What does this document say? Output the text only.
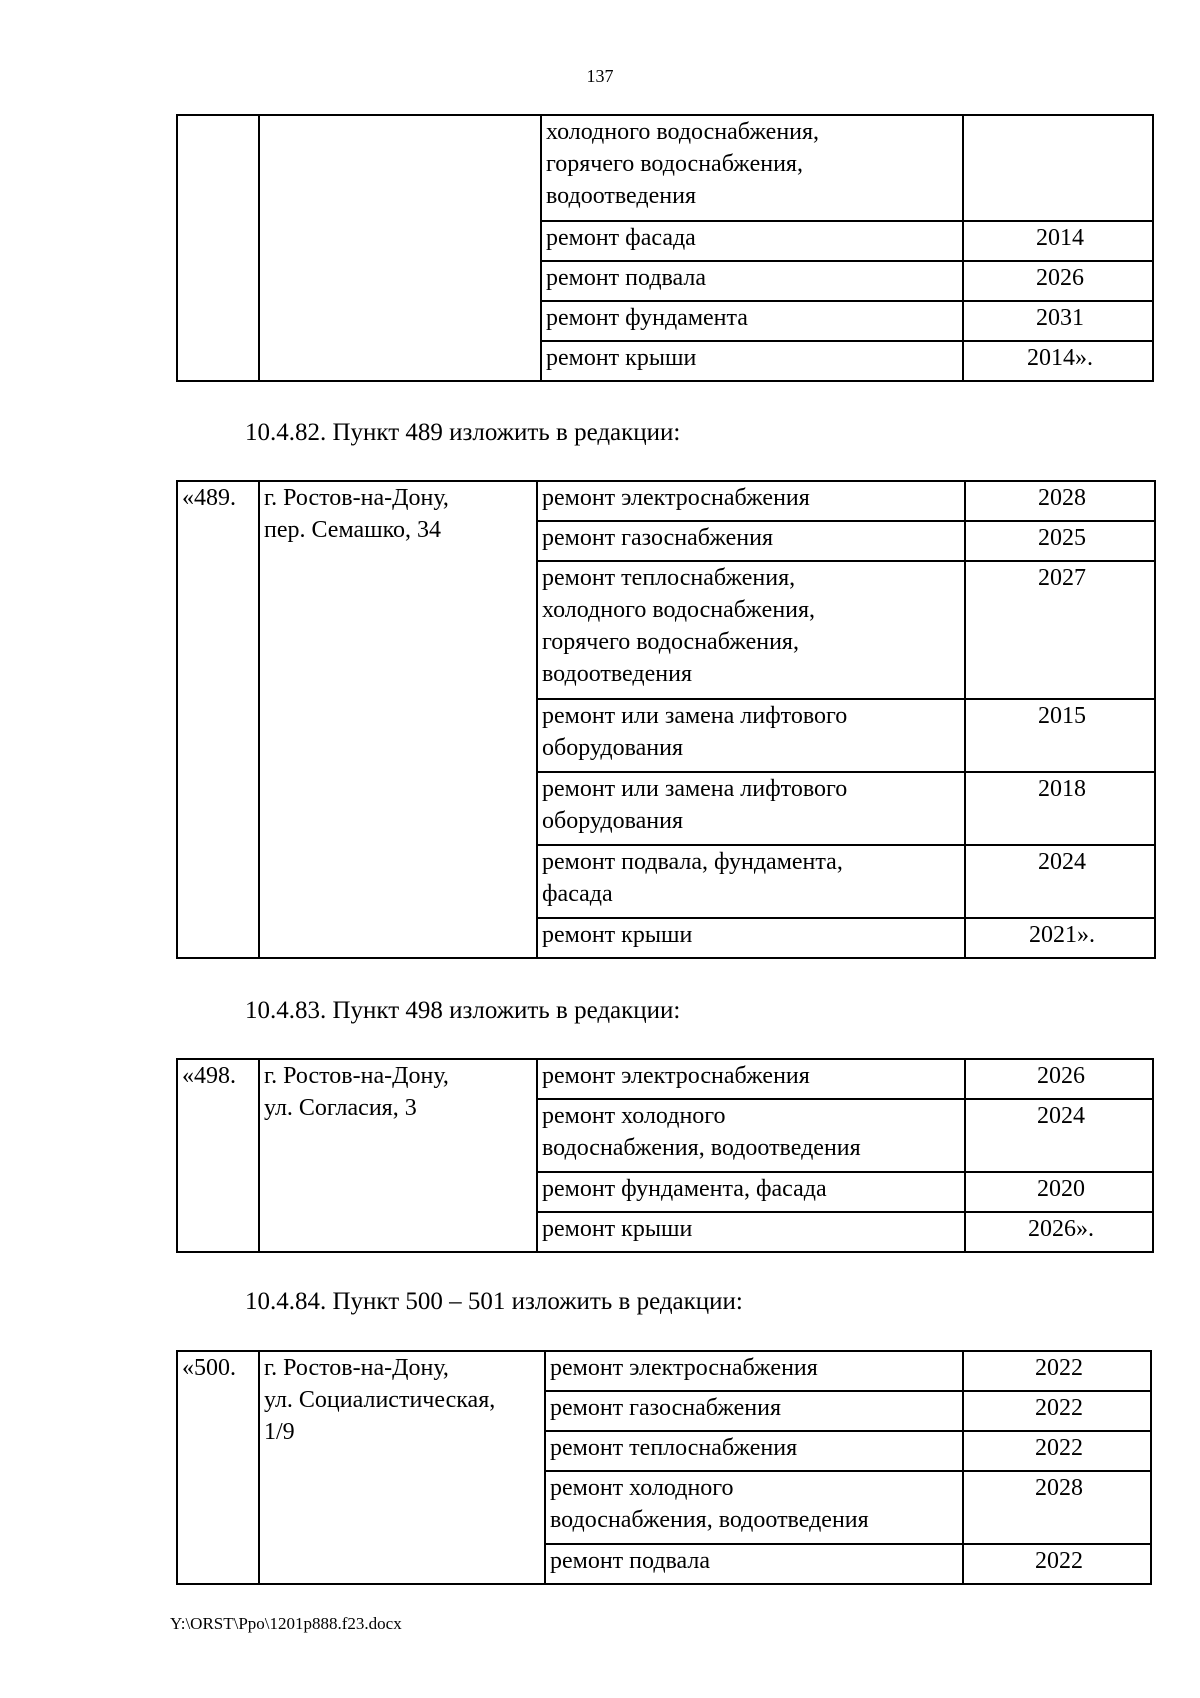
137
		холодного водоснабжения,
горячего водоснабжения,
водоотведения	
		ремонт фасада	2014
		ремонт подвала	2026
		ремонт фундамента	2031
		ремонт крыши	2014».
10.4.82. Пункт 489 изложить в редакции:
«489.	г. Ростов-на-Дону,
пер. Семашко, 34	ремонт электроснабжения	2028
		ремонт газоснабжения	2025
		ремонт теплоснабжения,
холодного водоснабжения,
горячего водоснабжения,
водоотведения	2027
		ремонт или замена лифтового
оборудования	2015
		ремонт или замена лифтового
оборудования	2018
		ремонт подвала, фундамента,
фасада	2024
		ремонт крыши	2021».
10.4.83. Пункт 498 изложить в редакции:
«498.	г. Ростов-на-Дону,
ул. Согласия, 3	ремонт электроснабжения	2026
		ремонт холодного
водоснабжения, водоотведения	2024
		ремонт фундамента, фасада	2020
		ремонт крыши	2026».
10.4.84. Пункт 500 – 501 изложить в редакции:
«500.	г. Ростов-на-Дону,
ул. Социалистическая,
1/9	ремонт электроснабжения	2022
		ремонт газоснабжения	2022
		ремонт теплоснабжения	2022
		ремонт холодного
водоснабжения, водоотведения	2028
		ремонт подвала	2022
Y:\ORST\Ppo\1201p888.f23.docx
